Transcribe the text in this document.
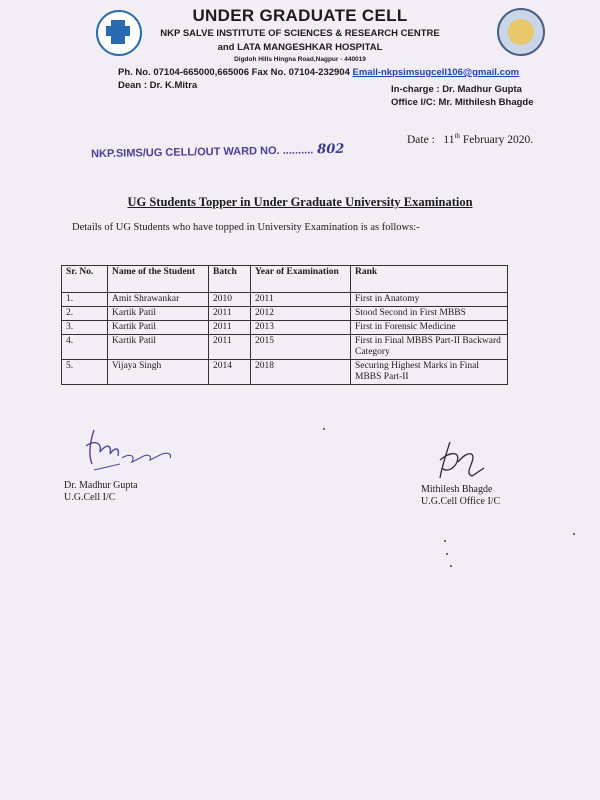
UNDER GRADUATE CELL
NKP SALVE INSTITUTE OF SCIENCES & RESEARCH CENTRE
and LATA MANGESHKAR HOSPITAL
Digdoh Hills Hingna Road,Nagpur - 440019
Ph. No. 07104-665000,665006 Fax No. 07104-232904 Email-nkpsimsugcell106@gmail.com
Dean : Dr. K.Mitra	In-charge : Dr. Madhur Gupta
Office I/C: Mr. Mithilesh Bhagde
NKP.SIMS/UG CELL/OUT WARD NO. .......... 802
Date : 11th February 2020.
UG Students Topper in Under Graduate University Examination
Details of UG Students who have topped in University Examination is as follows:-
Sr. No.	Name of the Student	Batch	Year of Examination	Rank
1.	Amit Shrawankar	2010	2011	First in Anatomy
2.	Kartik Patil	2011	2012	Stood Second in First MBBS
3.	Kartik Patil	2011	2013	First in Forensic Medicine
4.	Kartik Patil	2011	2015	First in Final MBBS Part-II Backward Category
5.	Vijaya Singh	2014	2018	Securing Highest Marks in Final MBBS Part-II
Dr. Madhur Gupta
U.G.Cell I/C
Mithilesh Bhagde
U.G.Cell Office I/C
